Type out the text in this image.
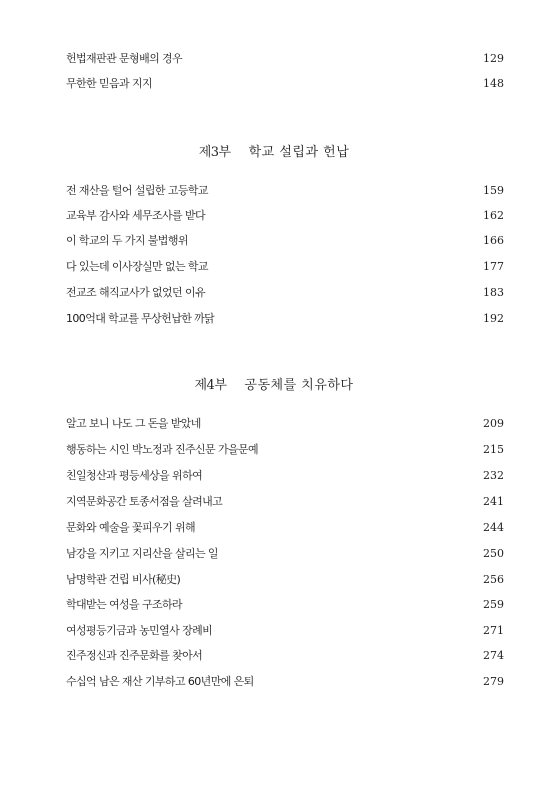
헌법재판관 문형배의 경우	129
무한한 믿음과 지지	148
제3부 학교 설립과 헌납
전 재산을 털어 설립한 고등학교	159
교육부 감사와 세무조사를 받다	162
이 학교의 두 가지 불법행위	166
다 있는데 이사장실만 없는 학교	177
전교조 해직교사가 없었던 이유	183
100억대 학교를 무상헌납한 까닭	192
제4부 공동체를 치유하다
알고 보니 나도 그 돈을 받았네	209
행동하는 시인 박노정과 진주신문 가을문예	215
친일청산과 평등세상을 위하여	232
지역문화공간 토종서점을 살려내고	241
문화와 예술을 꽃피우기 위해	244
남강을 지키고 지리산을 살리는 일	250
남명학관 건립 비사(秘史)	256
학대받는 여성을 구조하라	259
여성평등기금과 농민열사 장례비	271
진주정신과 진주문화를 찾아서	274
수십억 남은 재산 기부하고 60년만에 은퇴	279
